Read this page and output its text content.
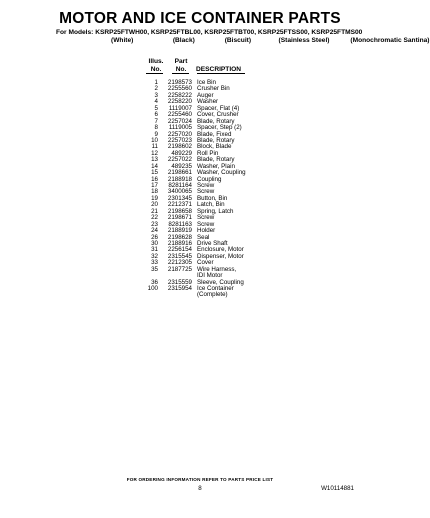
MOTOR AND ICE CONTAINER PARTS
For Models: KSRP25FTWH00, KSRP25FTBL00, KSRP25FTBT00, KSRP25FTSS00, KSRP25FTMS00
(White)	(Black)	(Biscuit)	(Stainless Steel)	(Monochromatic Santina)
Illus.
No.
Part
No.	DESCRIPTION
1	2198573 Ice Bin
2	2255560 Crusher Bin
3	2258222 Auger
4	2258220 Washer
5	1119007 Spacer, Flat (4)
6	2255460 Cover, Crusher
7	2257024 Blade, Rotary
8	1119005 Spacer, Step (2)
9	2257020 Blade, Fixed
10	2257023 Blade, Rotary
11	2198602 Block, Blade
12	489229 Roll Pin
13	2257022 Blade, Rotary
14	489235 Washer, Plain
15	2198661 Washer, Coupling
16	2188918 Coupling
17	8281164 Screw
18	3400065 Screw
19	2301345 Button, Bin
20	2212371 Latch, Bin
21	2198658 Spring, Latch
22	2198671 Screw
23	8281163 Screw
24	2188919 Holder
26	2198628 Seal
30	2188916 Drive Shaft
31	2256154 Enclosure, Motor
32	2315545 Dispenser, Motor
33	2212305 Cover
35	2187725 Wire Harness,
IDI Motor
36	2315559 Sleeve, Coupling
100	2315954 Ice Container
(Complete)
FOR ORDERING INFORMATION REFER TO PARTS PRICE LIST
8	W10114881
